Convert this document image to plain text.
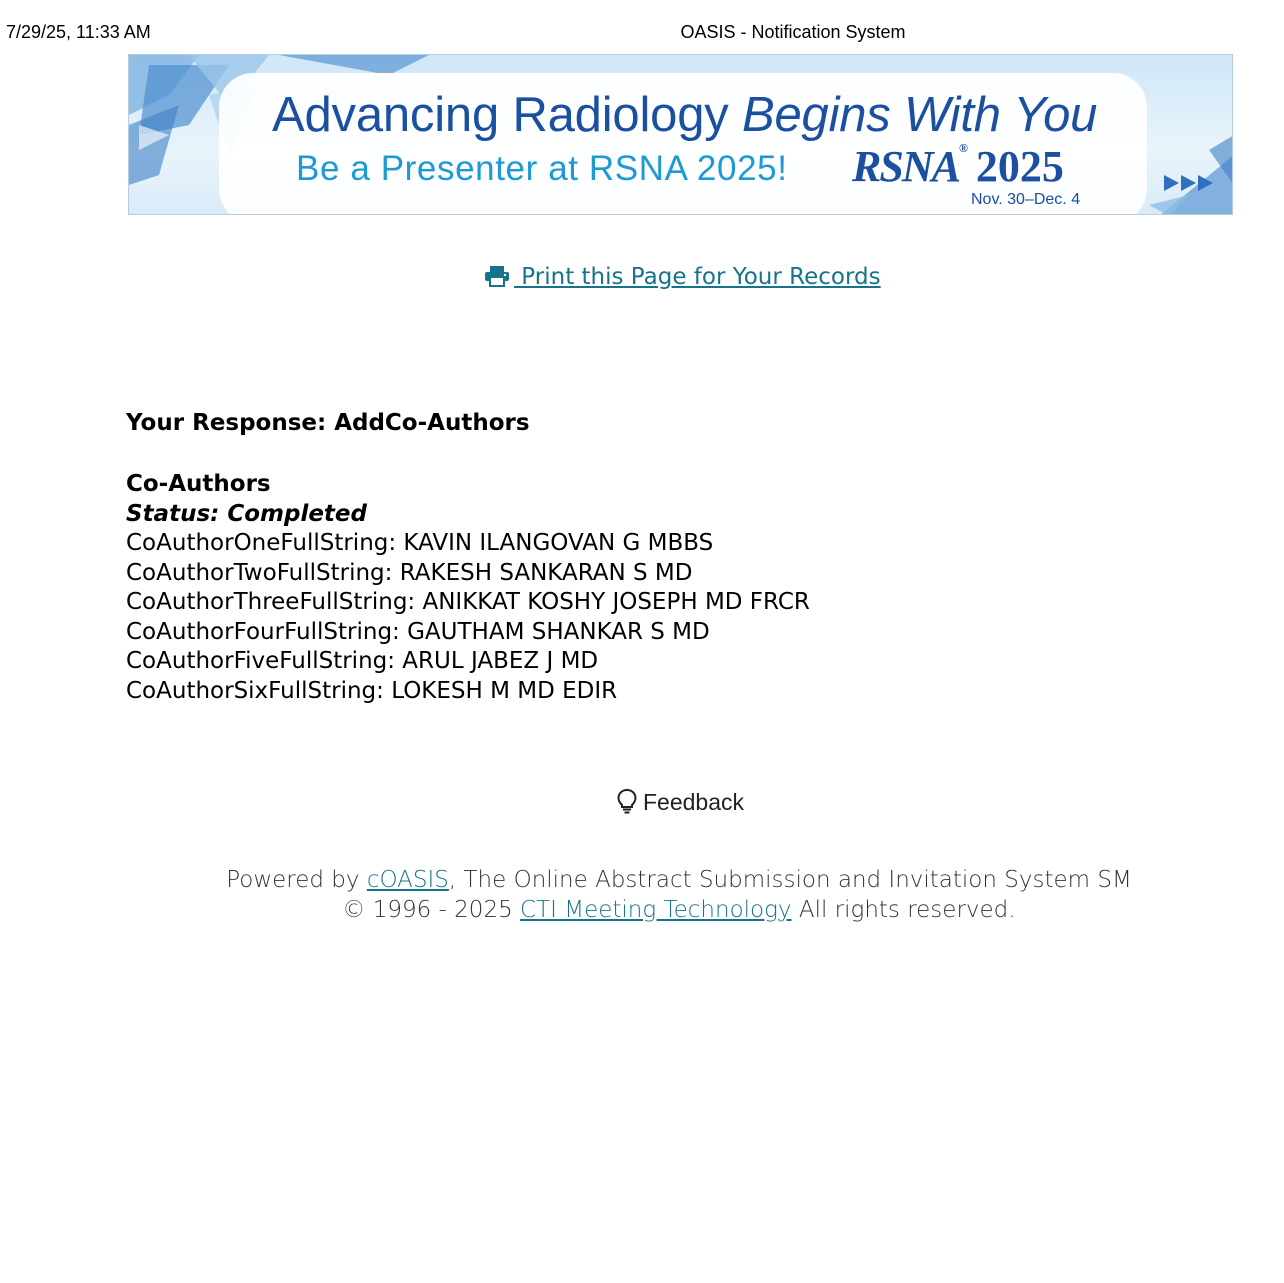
7/29/25, 11:33 AM	OASIS - Notification System
Advancing Radiology Begins With You
Be a Presenter at RSNA 2025! RSNA® 2025
Nov. 30–Dec. 4
Print this Page for Your Records
Your Response: AddCo-Authors
Co-Authors
Status: Completed
CoAuthorOneFullString: KAVIN ILANGOVAN G MBBS
CoAuthorTwoFullString: RAKESH SANKARAN S MD
CoAuthorThreeFullString: ANIKKAT KOSHY JOSEPH MD FRCR
CoAuthorFourFullString: GAUTHAM SHANKAR S MD
CoAuthorFiveFullString: ARUL JABEZ J MD
CoAuthorSixFullString: LOKESH M MD EDIR
Feedback
Powered by cOASIS, The Online Abstract Submission and Invitation System SM
© 1996 - 2025 CTI Meeting Technology All rights reserved.
